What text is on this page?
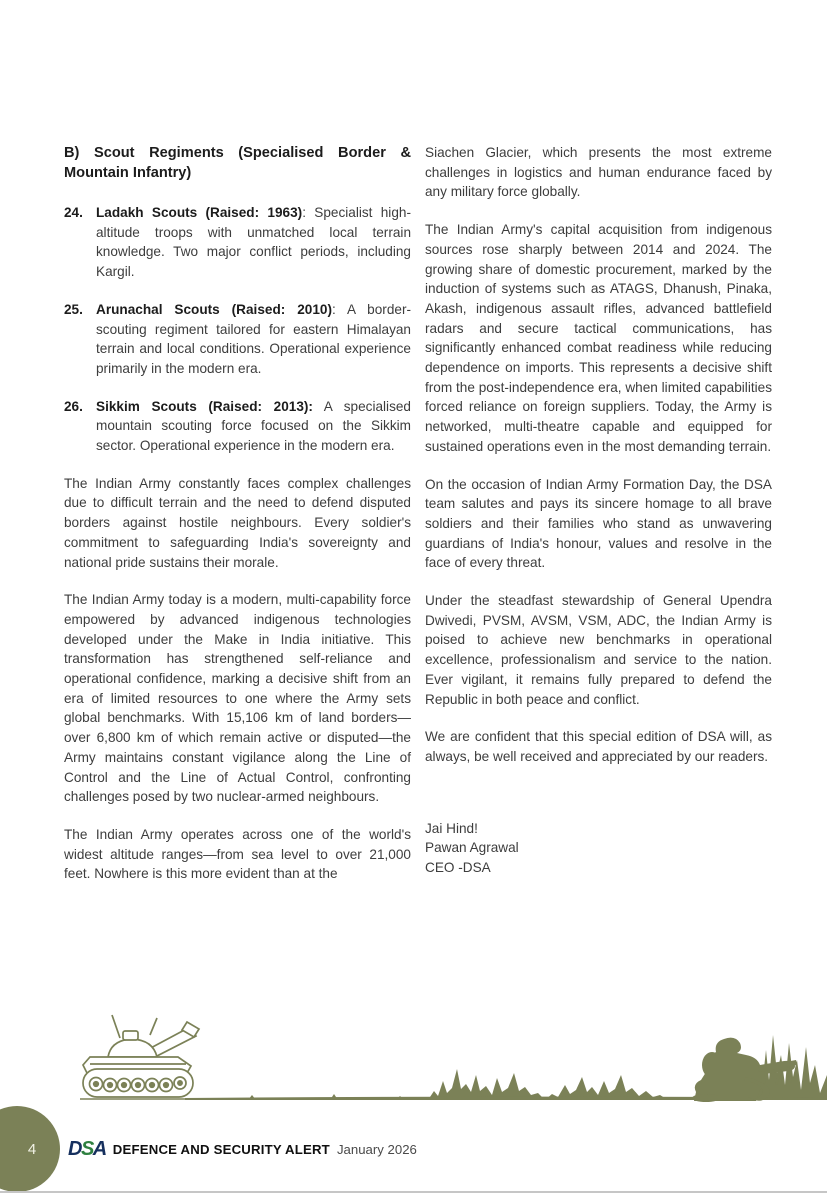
B) Scout Regiments (Specialised Border & Mountain Infantry)
24. Ladakh Scouts (Raised: 1963): Specialist high-altitude troops with unmatched local terrain knowledge. Two major conflict periods, including Kargil.
25. Arunachal Scouts (Raised: 2010): A border-scouting regiment tailored for eastern Himalayan terrain and local conditions. Operational experience primarily in the modern era.
26. Sikkim Scouts (Raised: 2013): A specialised mountain scouting force focused on the Sikkim sector. Operational experience in the modern era.

The Indian Army constantly faces complex challenges due to difficult terrain and the need to defend disputed borders against hostile neighbours. Every soldier's commitment to safeguarding India's sovereignty and national pride sustains their morale.

The Indian Army today is a modern, multi-capability force empowered by advanced indigenous technologies developed under the Make in India initiative. This transformation has strengthened self-reliance and operational confidence, marking a decisive shift from an era of limited resources to one where the Army sets global benchmarks. With 15,106 km of land borders—over 6,800 km of which remain active or disputed—the Army maintains constant vigilance along the Line of Control and the Line of Actual Control, confronting challenges posed by two nuclear-armed neighbours.

The Indian Army operates across one of the world's widest altitude ranges—from sea level to over 21,000 feet. Nowhere is this more evident than at the

Siachen Glacier, which presents the most extreme challenges in logistics and human endurance faced by any military force globally.

The Indian Army's capital acquisition from indigenous sources rose sharply between 2014 and 2024. The growing share of domestic procurement, marked by the induction of systems such as ATAGS, Dhanush, Pinaka, Akash, indigenous assault rifles, advanced battlefield radars and secure tactical communications, has significantly enhanced combat readiness while reducing dependence on imports. This represents a decisive shift from the post-independence era, when limited capabilities forced reliance on foreign suppliers. Today, the Army is networked, multi-theatre capable and equipped for sustained operations even in the most demanding terrain.

On the occasion of Indian Army Formation Day, the DSA team salutes and pays its sincere homage to all brave soldiers and their families who stand as unwavering guardians of India's honour, values and resolve in the face of every threat.

Under the steadfast stewardship of General Upendra Dwivedi, PVSM, AVSM, VSM, ADC, the Indian Army is poised to achieve new benchmarks in operational excellence, professionalism and service to the nation. Ever vigilant, it remains fully prepared to defend the Republic in both peace and conflict.

We are confident that this special edition of DSA will, as always, be well received and appreciated by our readers.

Jai Hind!
Pawan Agrawal
CEO -DSA
4 DSA DEFENCE AND SECURITY ALERT January 2026
